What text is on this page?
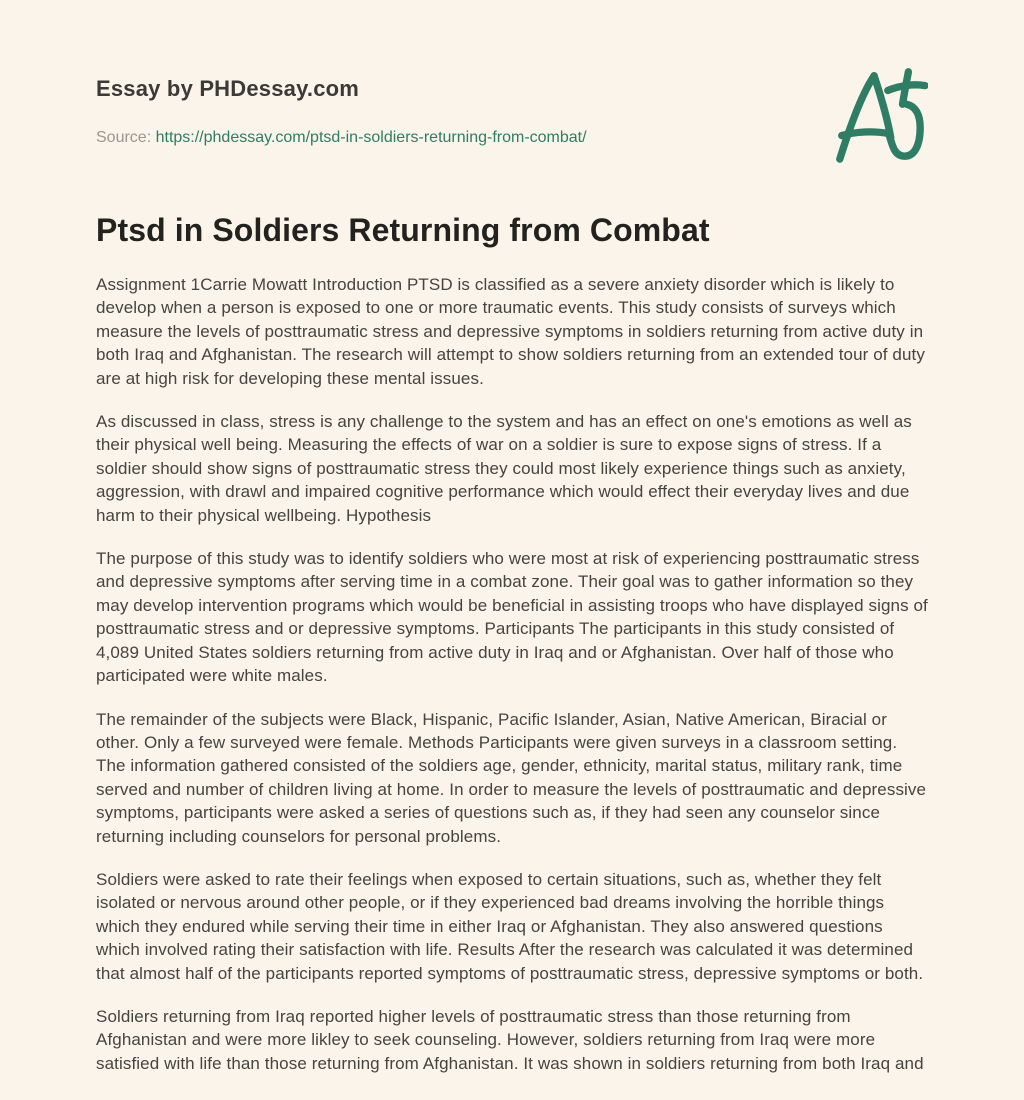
Essay by PHDessay.com
Source: https://phdessay.com/ptsd-in-soldiers-returning-from-combat/
Ptsd in Soldiers Returning from Combat

Assignment 1Carrie Mowatt Introduction PTSD is classified as a severe anxiety disorder which is likely to develop when a person is exposed to one or more traumatic events. This study consists of surveys which measure the levels of posttraumatic stress and depressive symptoms in soldiers returning from active duty in both Iraq and Afghanistan. The research will attempt to show soldiers returning from an extended tour of duty are at high risk for developing these mental issues.

As discussed in class, stress is any challenge to the system and has an effect on one's emotions as well as their physical well being. Measuring the effects of war on a soldier is sure to expose signs of stress. If a soldier should show signs of posttraumatic stress they could most likely experience things such as anxiety, aggression, with drawl and impaired cognitive performance which would effect their everyday lives and due harm to their physical wellbeing. Hypothesis

The purpose of this study was to identify soldiers who were most at risk of experiencing posttraumatic stress and depressive symptoms after serving time in a combat zone. Their goal was to gather information so they may develop intervention programs which would be beneficial in assisting troops who have displayed signs of posttraumatic stress and or depressive symptoms. Participants The participants in this study consisted of 4,089 United States soldiers returning from active duty in Iraq and or Afghanistan. Over half of those who participated were white males.

The remainder of the subjects were Black, Hispanic, Pacific Islander, Asian, Native American, Biracial or other. Only a few surveyed were female. Methods Participants were given surveys in a classroom setting. The information gathered consisted of the soldiers age, gender, ethnicity, marital status, military rank, time served and number of children living at home. In order to measure the levels of posttraumatic and depressive symptoms, participants were asked a series of questions such as, if they had seen any counselor since returning including counselors for personal problems.

Soldiers were asked to rate their feelings when exposed to certain situations, such as, whether they felt isolated or nervous around other people, or if they experienced bad dreams involving the horrible things which they endured while serving their time in either Iraq or Afghanistan. They also answered questions which involved rating their satisfaction with life. Results After the research was calculated it was determined that almost half of the participants reported symptoms of posttraumatic stress, depressive symptoms or both.

Soldiers returning from Iraq reported higher levels of posttraumatic stress than those returning from Afghanistan and were more likley to seek counseling. However, soldiers returning from Iraq were more satisfied with life than those returning from Afghanistan. It was shown in soldiers returning from both Iraq and
